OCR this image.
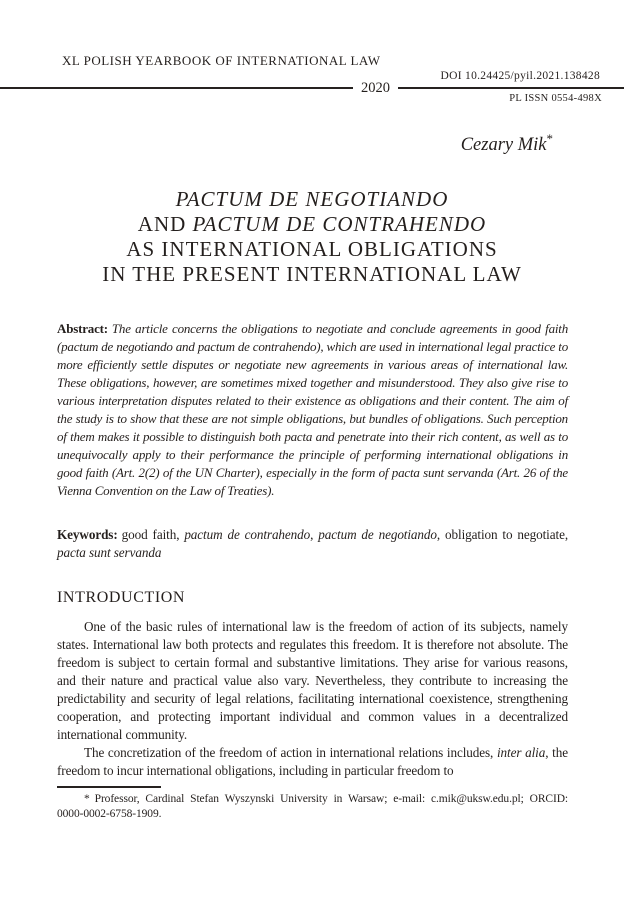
XL POLISH YEARBOOK OF INTERNATIONAL LAW
2020
DOI 10.24425/pyil.2021.138428
PL ISSN 0554-498X
Cezary Mik*
PACTUM DE NEGOTIANDO
AND PACTUM DE CONTRAHENDO
AS INTERNATIONAL OBLIGATIONS
IN THE PRESENT INTERNATIONAL LAW
Abstract: The article concerns the obligations to negotiate and conclude agreements in good faith (pactum de negotiando and pactum de contrahendo), which are used in international legal practice to more efficiently settle disputes or negotiate new agreements in various areas of international law. These obligations, however, are sometimes mixed together and misunderstood. They also give rise to various interpretation disputes related to their existence as obligations and their content. The aim of the study is to show that these are not simple obligations, but bundles of obligations. Such perception of them makes it possible to distinguish both pacta and penetrate into their rich content, as well as to unequivocally apply to their performance the principle of performing international obligations in good faith (Art. 2(2) of the UN Charter), especially in the form of pacta sunt servanda (Art. 26 of the Vienna Convention on the Law of Treaties).
Keywords: good faith, pactum de contrahendo, pactum de negotiando, obligation to negotiate, pacta sunt servanda
INTRODUCTION

One of the basic rules of international law is the freedom of action of its subjects, namely states. International law both protects and regulates this freedom. It is therefore not absolute. The freedom is subject to certain formal and substantive limitations. They arise for various reasons, and their nature and practical value also vary. Nevertheless, they contribute to increasing the predictability and security of legal relations, facilitating international coexistence, strengthening cooperation, and protecting important individual and common values in a decentralized international community.

The concretization of the freedom of action in international relations includes, inter alia, the freedom to incur international obligations, including in particular freedom to

* Professor, Cardinal Stefan Wyszynski University in Warsaw; e-mail: c.mik@uksw.edu.pl; ORCID: 0000-0002-6758-1909.
